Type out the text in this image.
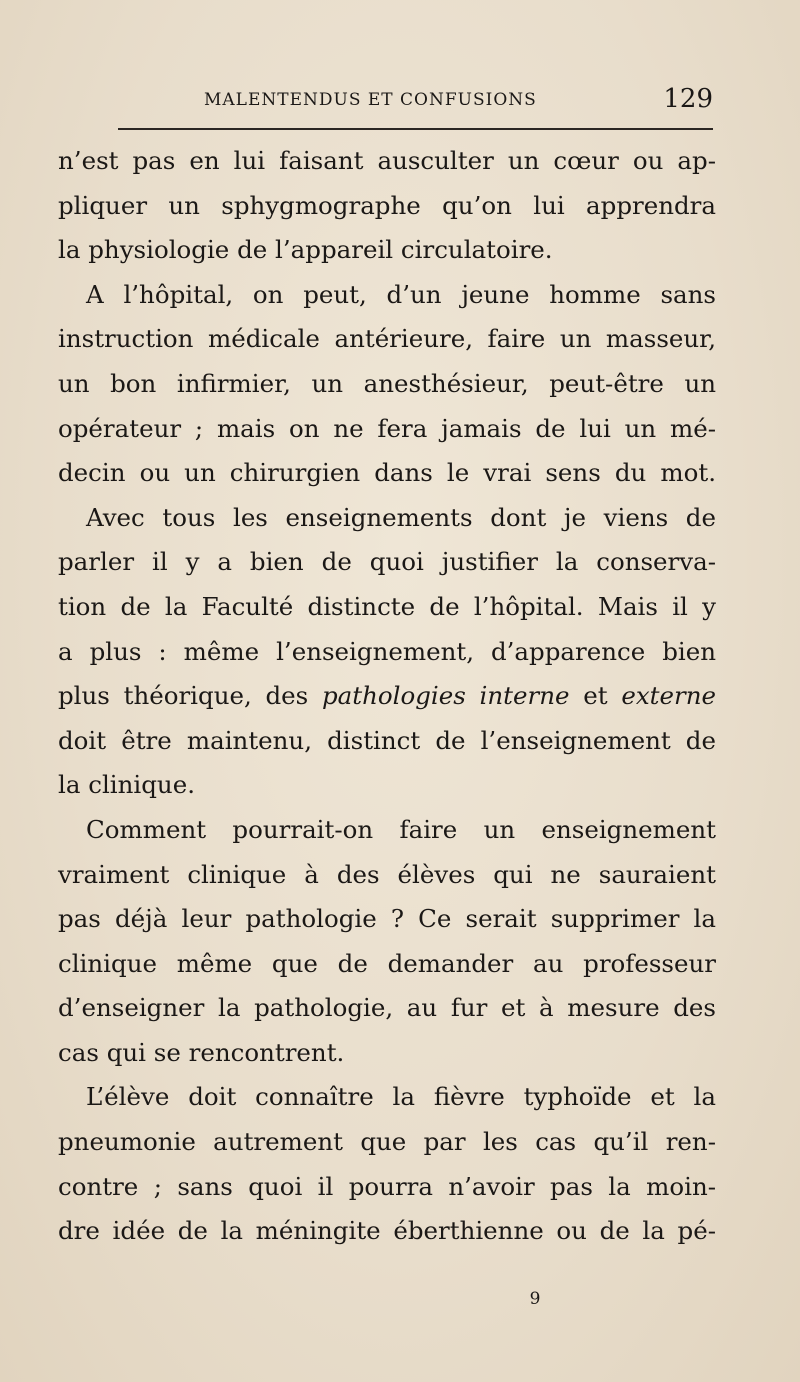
MALENTENDUS ET CONFUSIONS	129
n’est pas en lui faisant ausculter un cœur ou ap-
pliquer un sphygmographe qu’on lui apprendra
la physiologie de l’appareil circulatoire.
A l’hôpital, on peut, d’un jeune homme sans
instruction médicale antérieure, faire un masseur,
un bon infirmier, un anesthésieur, peut-être un
opérateur ; mais on ne fera jamais de lui un mé-
decin ou un chirurgien dans le vrai sens du mot.
Avec tous les enseignements dont je viens de
parler il y a bien de quoi justifier la conserva-
tion de la Faculté distincte de l’hôpital. Mais il y
a plus : même l’enseignement, d’apparence bien
plus théorique, des pathologies interne et externe
doit être maintenu, distinct de l’enseignement de
la clinique.
Comment pourrait-on faire un enseignement
vraiment clinique à des élèves qui ne sauraient
pas déjà leur pathologie ? Ce serait supprimer la
clinique même que de demander au professeur
d’enseigner la pathologie, au fur et à mesure des
cas qui se rencontrent.
L’élève doit connaître la fièvre typhoïde et la
pneumonie autrement que par les cas qu’il ren-
contre ; sans quoi il pourra n’avoir pas la moin-
dre idée de la méningite éberthienne ou de la pé-
9
